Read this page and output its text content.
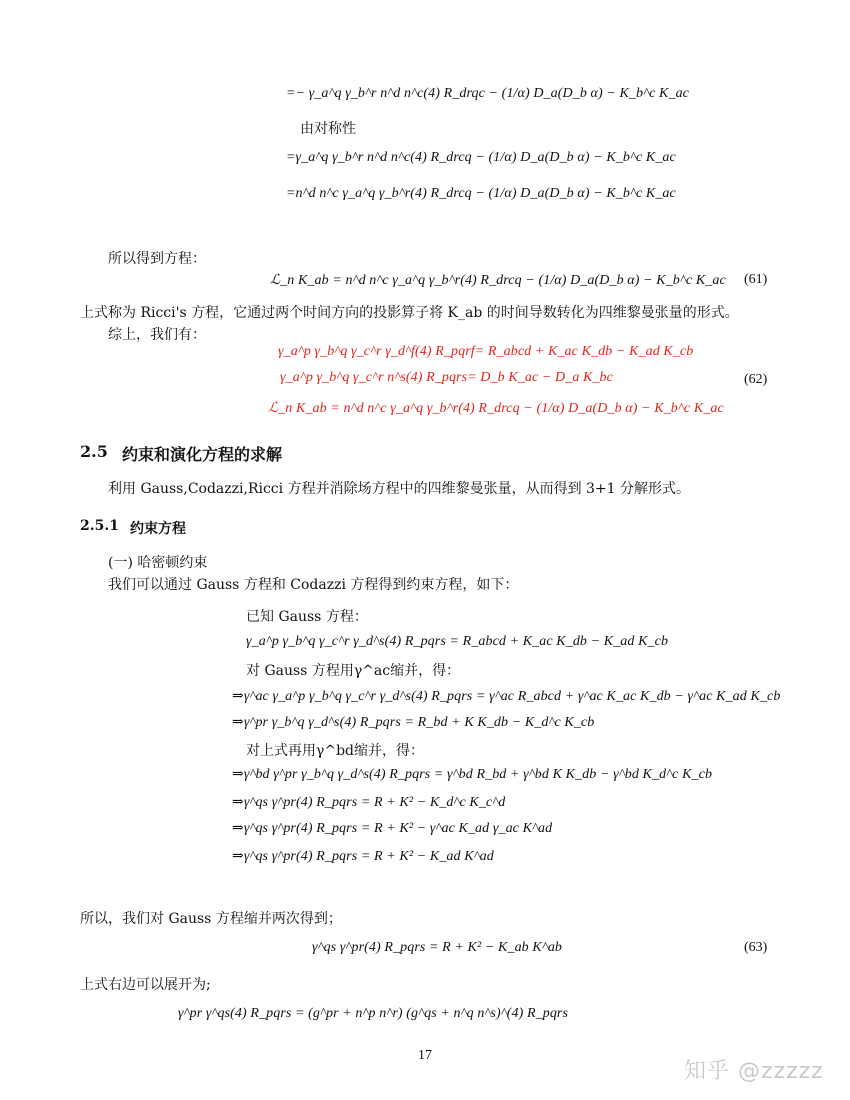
=− γ_a^q γ_b^r n^d n^c(4) R_drqc − (1/α) D_a(D_b α) − K_b^c K_ac
由对称性
=γ_a^q γ_b^r n^d n^c(4) R_drcq − (1/α) D_a(D_b α) − K_b^c K_ac
=n^d n^c γ_a^q γ_b^r(4) R_drcq − (1/α) D_a(D_b α) − K_b^c K_ac
所以得到方程：
ℒ_n K_ab = n^d n^c γ_a^q γ_b^r(4) R_drcq − (1/α) D_a(D_b α) − K_b^c K_ac (61)
上式称为 Ricci's 方程，它通过两个时间方向的投影算子将 K_ab 的时间导数转化为四维黎曼张量的形式。
综上，我们有：
γ_a^p γ_b^q γ_c^r γ_d^f(4) R_pqrf= R_abcd + K_ac K_db − K_ad K_cb
γ_a^p γ_b^q γ_c^r n^s(4) R_pqrs= D_b K_ac − D_a K_bc
ℒ_n K_ab = n^d n^c γ_a^q γ_b^r(4) R_drcq − (1/α) D_a(D_b α) − K_b^c K_ac
(62)
2.5 约束和演化方程的求解
利用 Gauss,Codazzi,Ricci 方程并消除场方程中的四维黎曼张量，从而得到 3+1 分解形式。
2.5.1 约束方程
(一) 哈密顿约束
我们可以通过 Gauss 方程和 Codazzi 方程得到约束方程，如下：
已知 Gauss 方程：
γ_a^p γ_b^q γ_c^r γ_d^s(4) R_pqrs = R_abcd + K_ac K_db − K_ad K_cb
对 Gauss 方程用γ^ac缩并，得：
⇒γ^ac γ_a^p γ_b^q γ_c^r γ_d^s(4) R_pqrs = γ^ac R_abcd + γ^ac K_ac K_db − γ^ac K_ad K_cb
⇒γ^pr γ_b^q γ_d^s(4) R_pqrs = R_bd + K K_db − K_d^c K_cb
对上式再用γ^bd缩并，得：
⇒γ^bd γ^pr γ_b^q γ_d^s(4) R_pqrs = γ^bd R_bd + γ^bd K K_db − γ^bd K_d^c K_cb
⇒γ^qs γ^pr(4) R_pqrs = R + K² − K_d^c K_c^d
⇒γ^qs γ^pr(4) R_pqrs = R + K² − γ^ac K_ad γ_ac K^ad
⇒γ^qs γ^pr(4) R_pqrs = R + K² − K_ad K^ad
所以，我们对 Gauss 方程缩并两次得到；
γ^qs γ^pr(4) R_pqrs = R + K² − K_ab K^ab	(63)
上式右边可以展开为;
γ^pr γ^qs(4) R_pqrs = (g^pr + n^p n^r) (g^qs + n^q n^s)^(4) R_pqrs
17
知乎 @zzzzz
